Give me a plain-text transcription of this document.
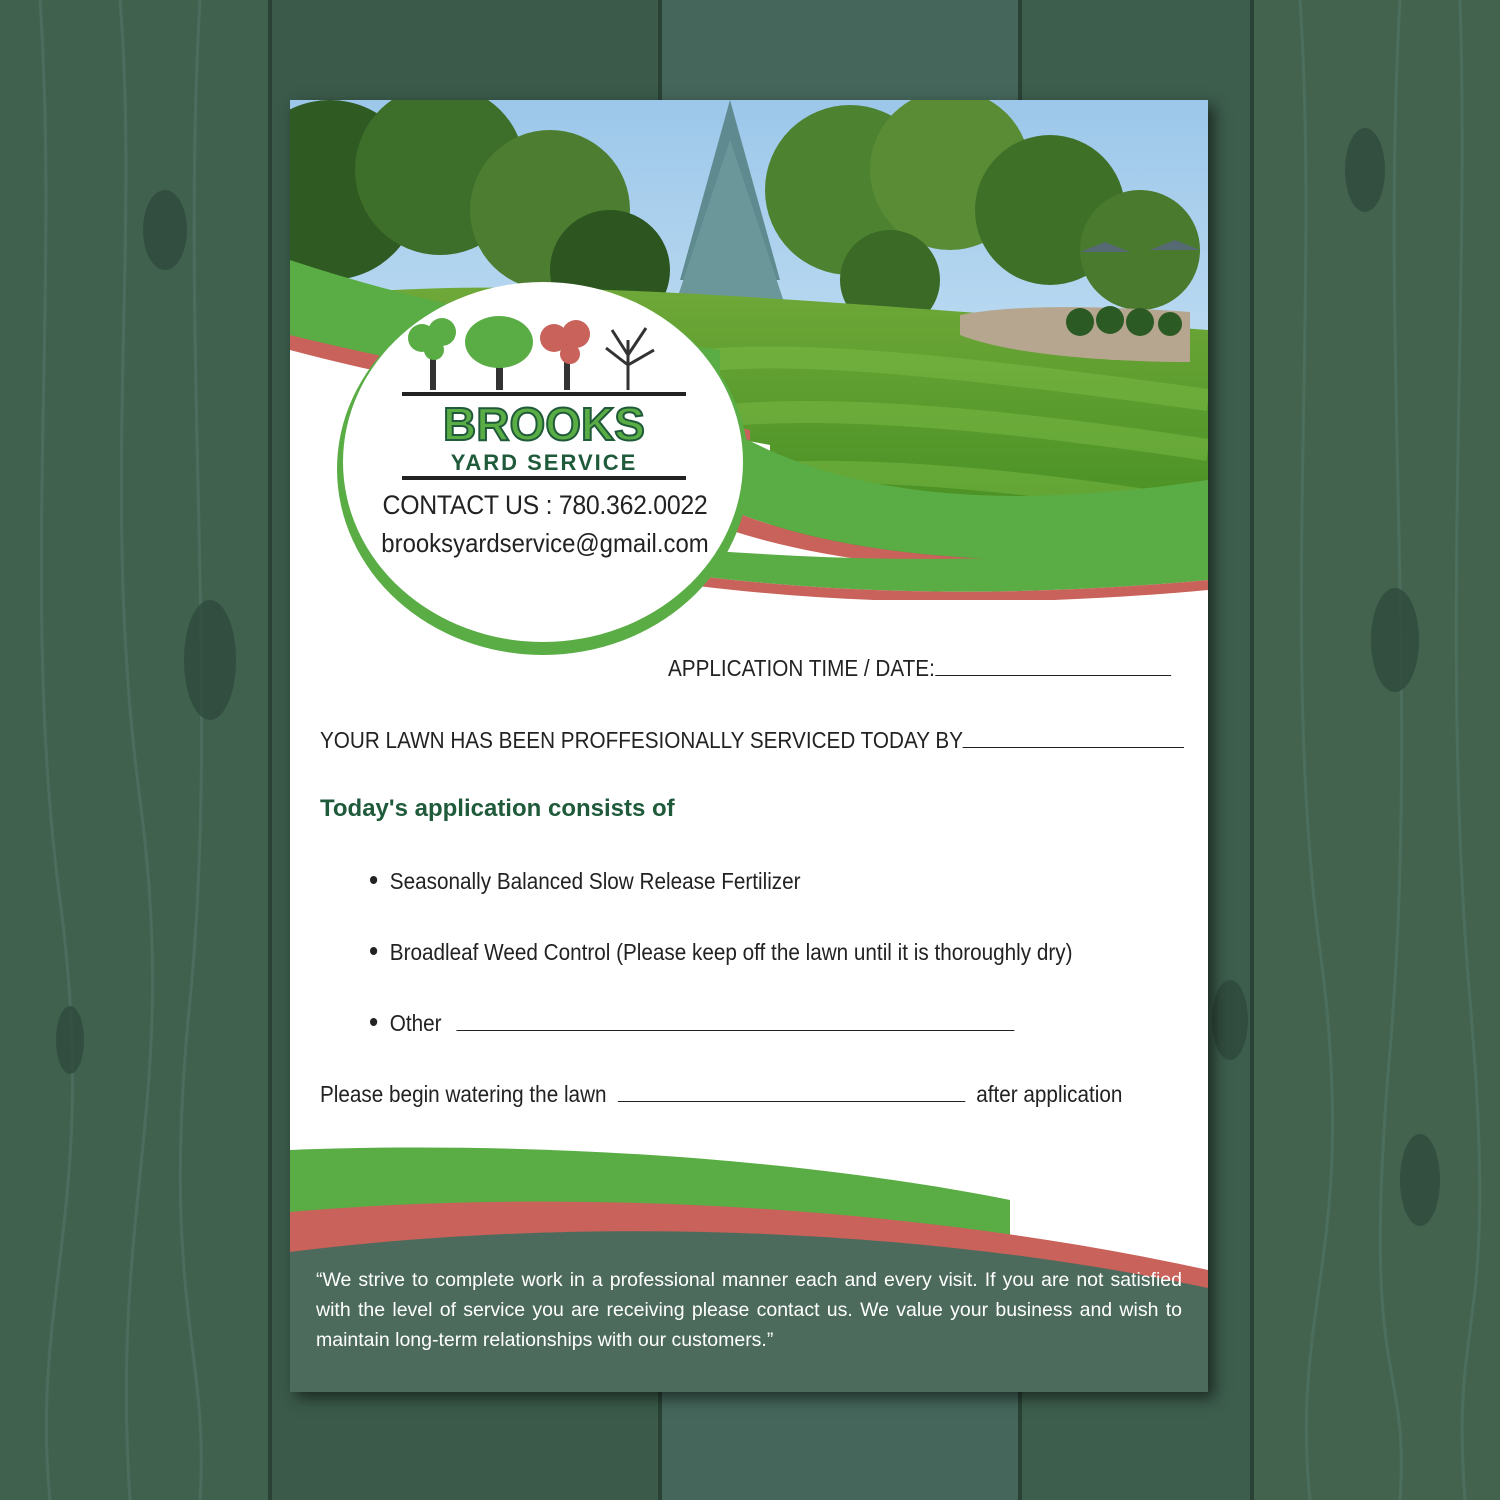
BROOKS
YARD SERVICE
CONTACT US : 780.362.0022
brooksyardservice@gmail.com
APPLICATION TIME / DATE:
YOUR LAWN HAS BEEN PROFFESIONALLY SERVICED TODAY BY
Today's application consists of
Seasonally Balanced Slow Release Fertilizer
Broadleaf Weed Control (Please keep off the lawn until it is thoroughly dry)
Other
Please begin watering the lawn	after application
“We strive to complete work in a professional manner each and every visit. If you are not satisfied with the level of service you are receiving please contact us. We value your business and wish to maintain long-term relationships with our customers.”
